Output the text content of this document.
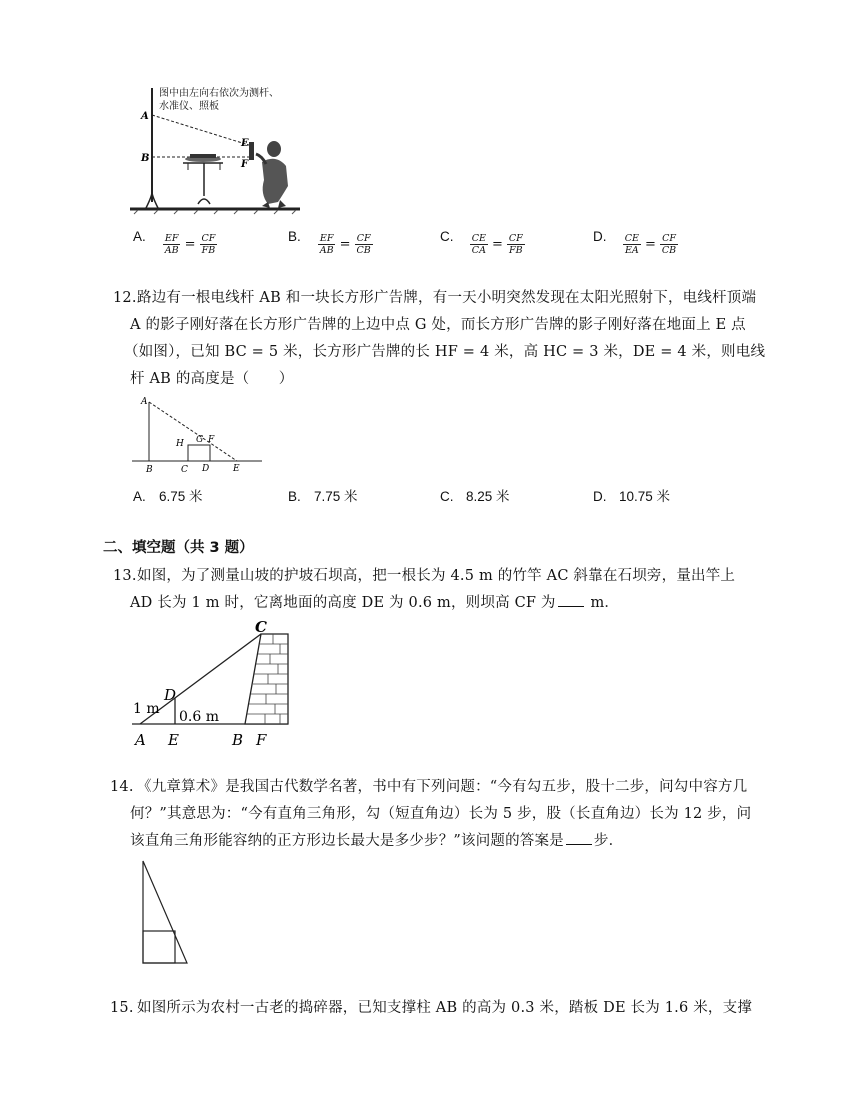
A
B
E
F
图中由左向右依次为测杆、
水准仪、照板
A. $\frac{EF}{AB} = \frac{CF}{FB}$	B. $\frac{EF}{AB} = \frac{CF}{CB}$	C. $\frac{CE}{CA} = \frac{CF}{FB}$	D. $\frac{CE}{EA} = \frac{CF}{CB}$
12. 路边有一根电线杆 AB 和一块长方形广告牌，有一天小明突然发现在太阳光照射下，电线杆顶端
A 的影子刚好落在长方形广告牌的上边中点 G 处，而长方形广告牌的影子刚好落在地面上 E 点
（如图），已知 BC = 5 米，长方形广告牌的长 HF = 4 米，高 HC = 3 米，DE = 4 米，则电线
杆 AB 的高度是（　　）
A
B	C D	E
H G F
A. 6.75 米	B. 7.75 米	C. 8.25 米	D. 10.75 米
二、填空题（共 3 题）
13. 如图，为了测量山坡的护坡石坝高，把一根长为 4.5 m 的竹竿 AC 斜靠在石坝旁，量出竿上
AD 长为 1 m 时，它离地面的高度 DE 为 0.6 m，则坝高 CF 为 m．
C
D
1 m 0.6 m
A E	B F
14. 《九章算术》是我国古代数学名著，书中有下列问题：“今有勾五步，股十二步，问勾中容方几
何？”其意思为：“今有直角三角形，勾（短直角边）长为 5 步，股（长直角边）长为 12 步，问
该直角三角形能容纳的正方形边长最大是多少步？”该问题的答案是 步．
15. 如图所示为农村一古老的捣碎器，已知支撑柱 AB 的高为 0.3 米，踏板 DE 长为 1.6 米，支撑
